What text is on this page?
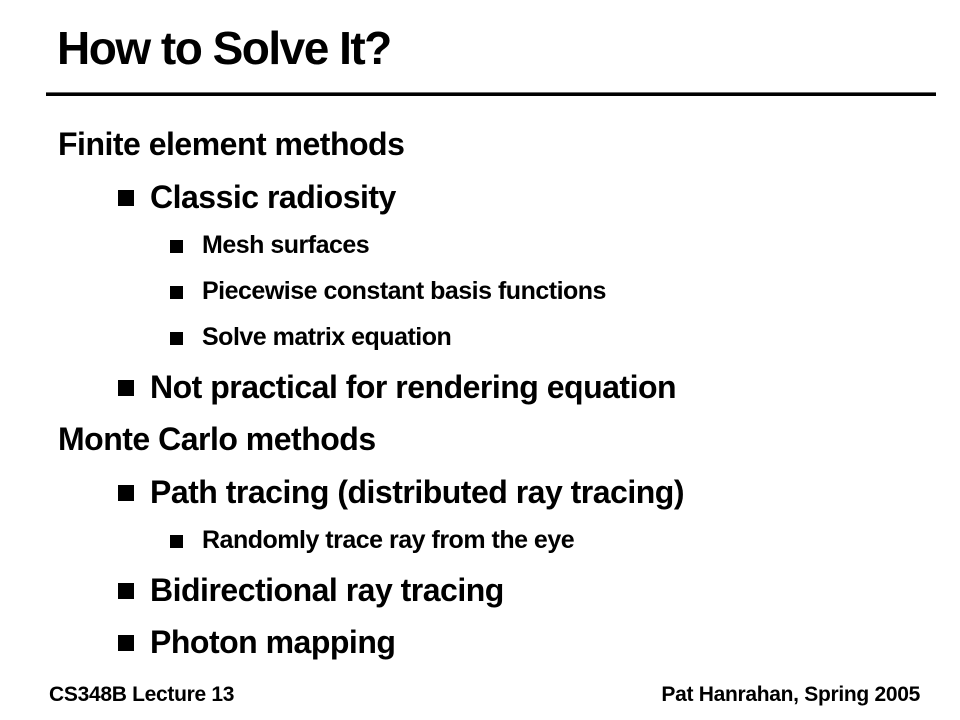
How to Solve It?
Finite element methods
Classic radiosity
Mesh surfaces
Piecewise constant basis functions
Solve matrix equation
Not practical for rendering equation
Monte Carlo methods
Path tracing (distributed ray tracing)
Randomly trace ray from the eye
Bidirectional ray tracing
Photon mapping
CS348B Lecture 13	Pat Hanrahan, Spring 2005
